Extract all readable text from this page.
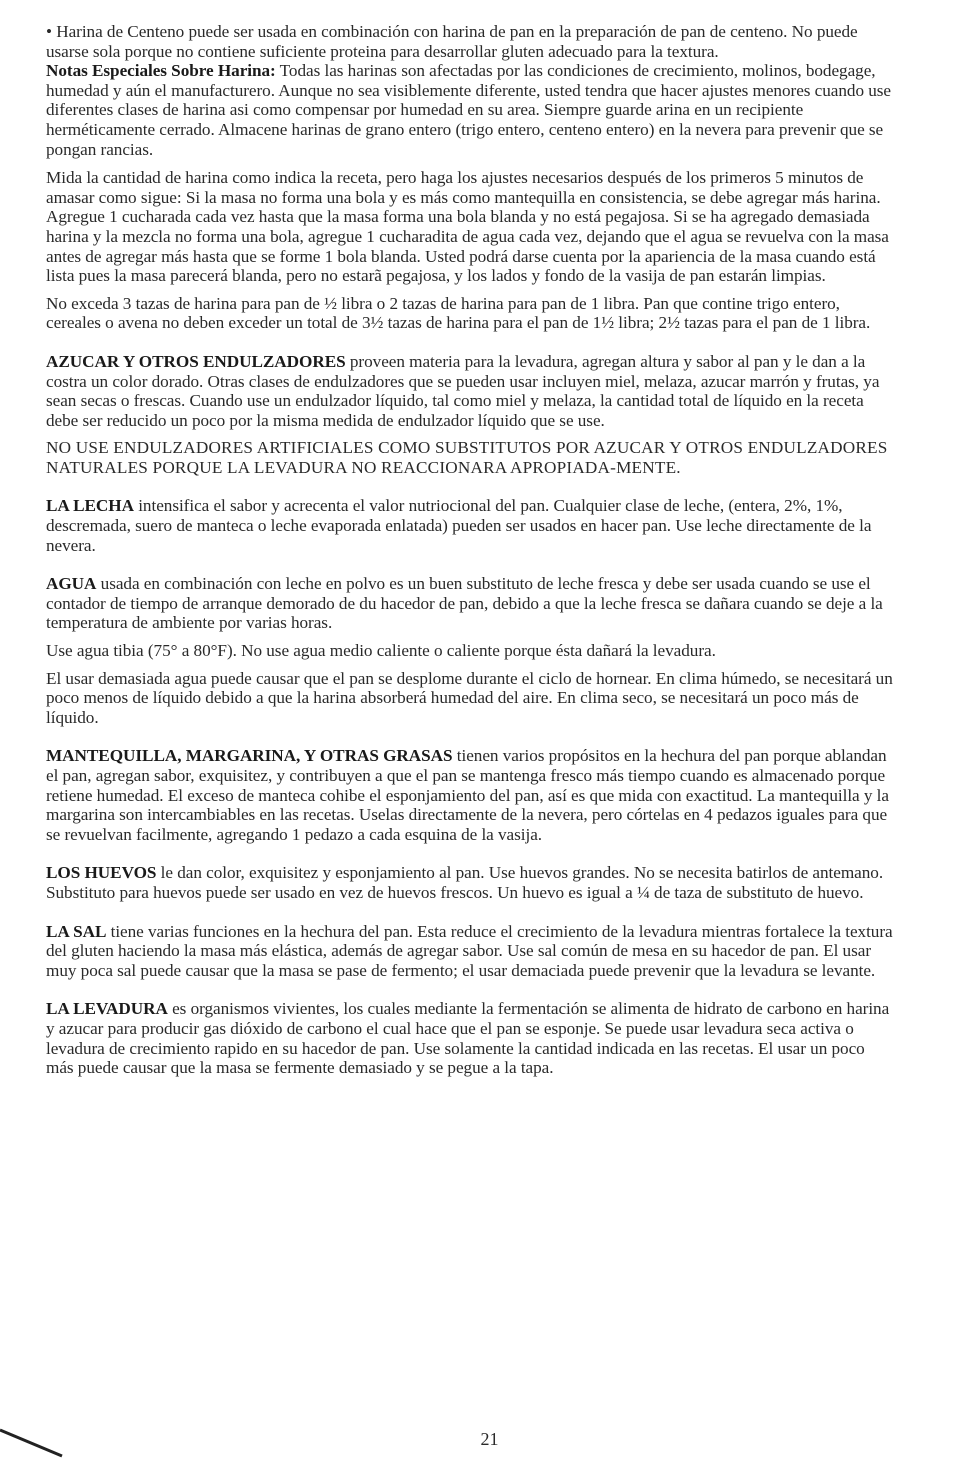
• Harina de Centeno puede ser usada en combinación con harina de pan en la preparación de pan de centeno. No puede usarse sola porque no contiene suficiente proteina para desarrollar gluten adecuado para la textura.

Notas Especiales Sobre Harina: Todas las harinas son afectadas por las condiciones de crecimiento, molinos, bodegage, humedad y aún el manufacturero. Aunque no sea visiblemente diferente, usted tendra que hacer ajustes menores cuando use diferentes clases de harina asi como compensar por humedad en su area. Siempre guarde arina en un recipiente herméticamente cerrado. Almacene harinas de grano entero (trigo entero, centeno entero) en la nevera para prevenir que se pongan rancias.

Mida la cantidad de harina como indica la receta, pero haga los ajustes necesarios después de los primeros 5 minutos de amasar como sigue: Si la masa no forma una bola y es más como mantequilla en consistencia, se debe agregar más harina. Agregue 1 cucharada cada vez hasta que la masa forma una bola blanda y no está pegajosa. Si se ha agregado demasiada harina y la mezcla no forma una bola, agregue 1 cucharadita de agua cada vez, dejando que el agua se revuelva con la masa antes de agregar más hasta que se forme 1 bola blanda. Usted podrá darse cuenta por la apariencia de la masa cuando está lista pues la masa parecerá blanda, pero no estarã pegajosa, y los lados y fondo de la vasija de pan estarán limpias.

No exceda 3 tazas de harina para pan de ½ libra o 2 tazas de harina para pan de 1 libra. Pan que contine trigo entero, cereales o avena no deben exceder un total de 3½ tazas de harina para el pan de 1½ libra; 2½ tazas para el pan de 1 libra.

AZUCAR Y OTROS ENDULZADORES proveen materia para la levadura, agregan altura y sabor al pan y le dan a la costra un color dorado. Otras clases de endulzadores que se pueden usar incluyen miel, melaza, azucar marrón y frutas, ya sean secas o frescas. Cuando use un endulzador líquido, tal como miel y melaza, la cantidad total de líquido en la receta debe ser reducido un poco por la misma medida de endulzador líquido que se use.

NO USE ENDULZADORES ARTIFICIALES COMO SUBSTITUTOS POR AZUCAR Y OTROS ENDULZADORES NATURALES PORQUE LA LEVADURA NO REACCIONARA APROPIADA-MENTE.

LA LECHA intensifica el sabor y acrecenta el valor nutriocional del pan. Cualquier clase de leche, (entera, 2%, 1%, descremada, suero de manteca o leche evaporada enlatada) pueden ser usados en hacer pan. Use leche directamente de la nevera.

AGUA usada en combinación con leche en polvo es un buen substituto de leche fresca y debe ser usada cuando se use el contador de tiempo de arranque demorado de du hacedor de pan, debido a que la leche fresca se dañara cuando se deje a la temperatura de ambiente por varias horas.

Use agua tibia (75° a 80°F). No use agua medio caliente o caliente porque ésta dañará la levadura.

El usar demasiada agua puede causar que el pan se desplome durante el ciclo de hornear. En clima húmedo, se necesitará un poco menos de líquido debido a que la harina absorberá humedad del aire. En clima seco, se necesitará un poco más de líquido.

MANTEQUILLA, MARGARINA, Y OTRAS GRASAS tienen varios propósitos en la hechura del pan porque ablandan el pan, agregan sabor, exquisitez, y contribuyen a que el pan se mantenga fresco más tiempo cuando es almacenado porque retiene humedad. El exceso de manteca cohibe el esponjamiento del pan, así es que mida con exactitud. La mantequilla y la margarina son intercambiables en las recetas. Uselas directamente de la nevera, pero córtelas en 4 pedazos iguales para que se revuelvan facilmente, agregando 1 pedazo a cada esquina de la vasija.

LOS HUEVOS le dan color, exquisitez y esponjamiento al pan. Use huevos grandes. No se necesita batirlos de antemano. Substituto para huevos puede ser usado en vez de huevos frescos. Un huevo es igual a ¼ de taza de substituto de huevo.

LA SAL tiene varias funciones en la hechura del pan. Esta reduce el crecimiento de la levadura mientras fortalece la textura del gluten haciendo la masa más elástica, además de agregar sabor. Use sal común de mesa en su hacedor de pan. El usar muy poca sal puede causar que la masa se pase de fermento; el usar demaciada puede prevenir que la levadura se levante.

LA LEVADURA es organismos vivientes, los cuales mediante la fermentación se alimenta de hidrato de carbono en harina y azucar para producir gas dióxido de carbono el cual hace que el pan se esponje. Se puede usar levadura seca activa o levadura de crecimiento rapido en su hacedor de pan. Use solamente la cantidad indicada en las recetas. El usar un poco más puede causar que la masa se fermente demasiado y se pegue a la tapa.

21
